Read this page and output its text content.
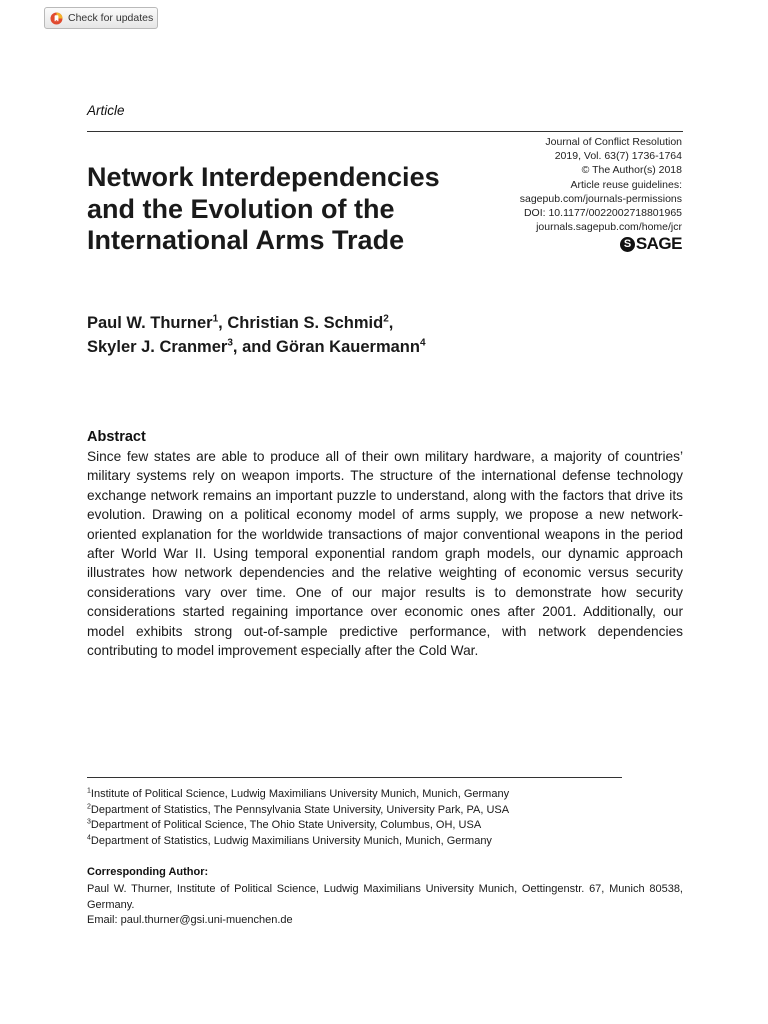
Check for updates
Article
Journal of Conflict Resolution
2019, Vol. 63(7) 1736-1764
© The Author(s) 2018
Article reuse guidelines:
sagepub.com/journals-permissions
DOI: 10.1177/0022002718801965
journals.sagepub.com/home/jcr
S SAGE
Network Interdependencies and the Evolution of the International Arms Trade
Paul W. Thurner$^1$, Christian S. Schmid$^2$,
Skyler J. Cranmer$^3$, and Göran Kauermann$^4$
Abstract
Since few states are able to produce all of their own military hardware, a majority of countries’ military systems rely on weapon imports. The structure of the international defense technology exchange network remains an important puzzle to understand, along with the factors that drive its evolution. Drawing on a political economy model of arms supply, we propose a new network-oriented explanation for the worldwide transactions of major conventional weapons in the period after World War II. Using temporal exponential random graph models, our dynamic approach illustrates how network dependencies and the relative weighting of economic versus security considerations vary over time. One of our major results is to demonstrate how security considerations started regaining importance over economic ones after 2001. Additionally, our model exhibits strong out-of-sample predictive performance, with network dependencies contributing to model improvement especially after the Cold War.
$^1$Institute of Political Science, Ludwig Maximilians University Munich, Munich, Germany
$^2$Department of Statistics, The Pennsylvania State University, University Park, PA, USA
$^3$Department of Political Science, The Ohio State University, Columbus, OH, USA
$^4$Department of Statistics, Ludwig Maximilians University Munich, Munich, Germany
Corresponding Author:
Paul W. Thurner, Institute of Political Science, Ludwig Maximilians University Munich, Oettingenstr. 67, Munich 80538, Germany.
Email: paul.thurner@gsi.uni-muenchen.de
